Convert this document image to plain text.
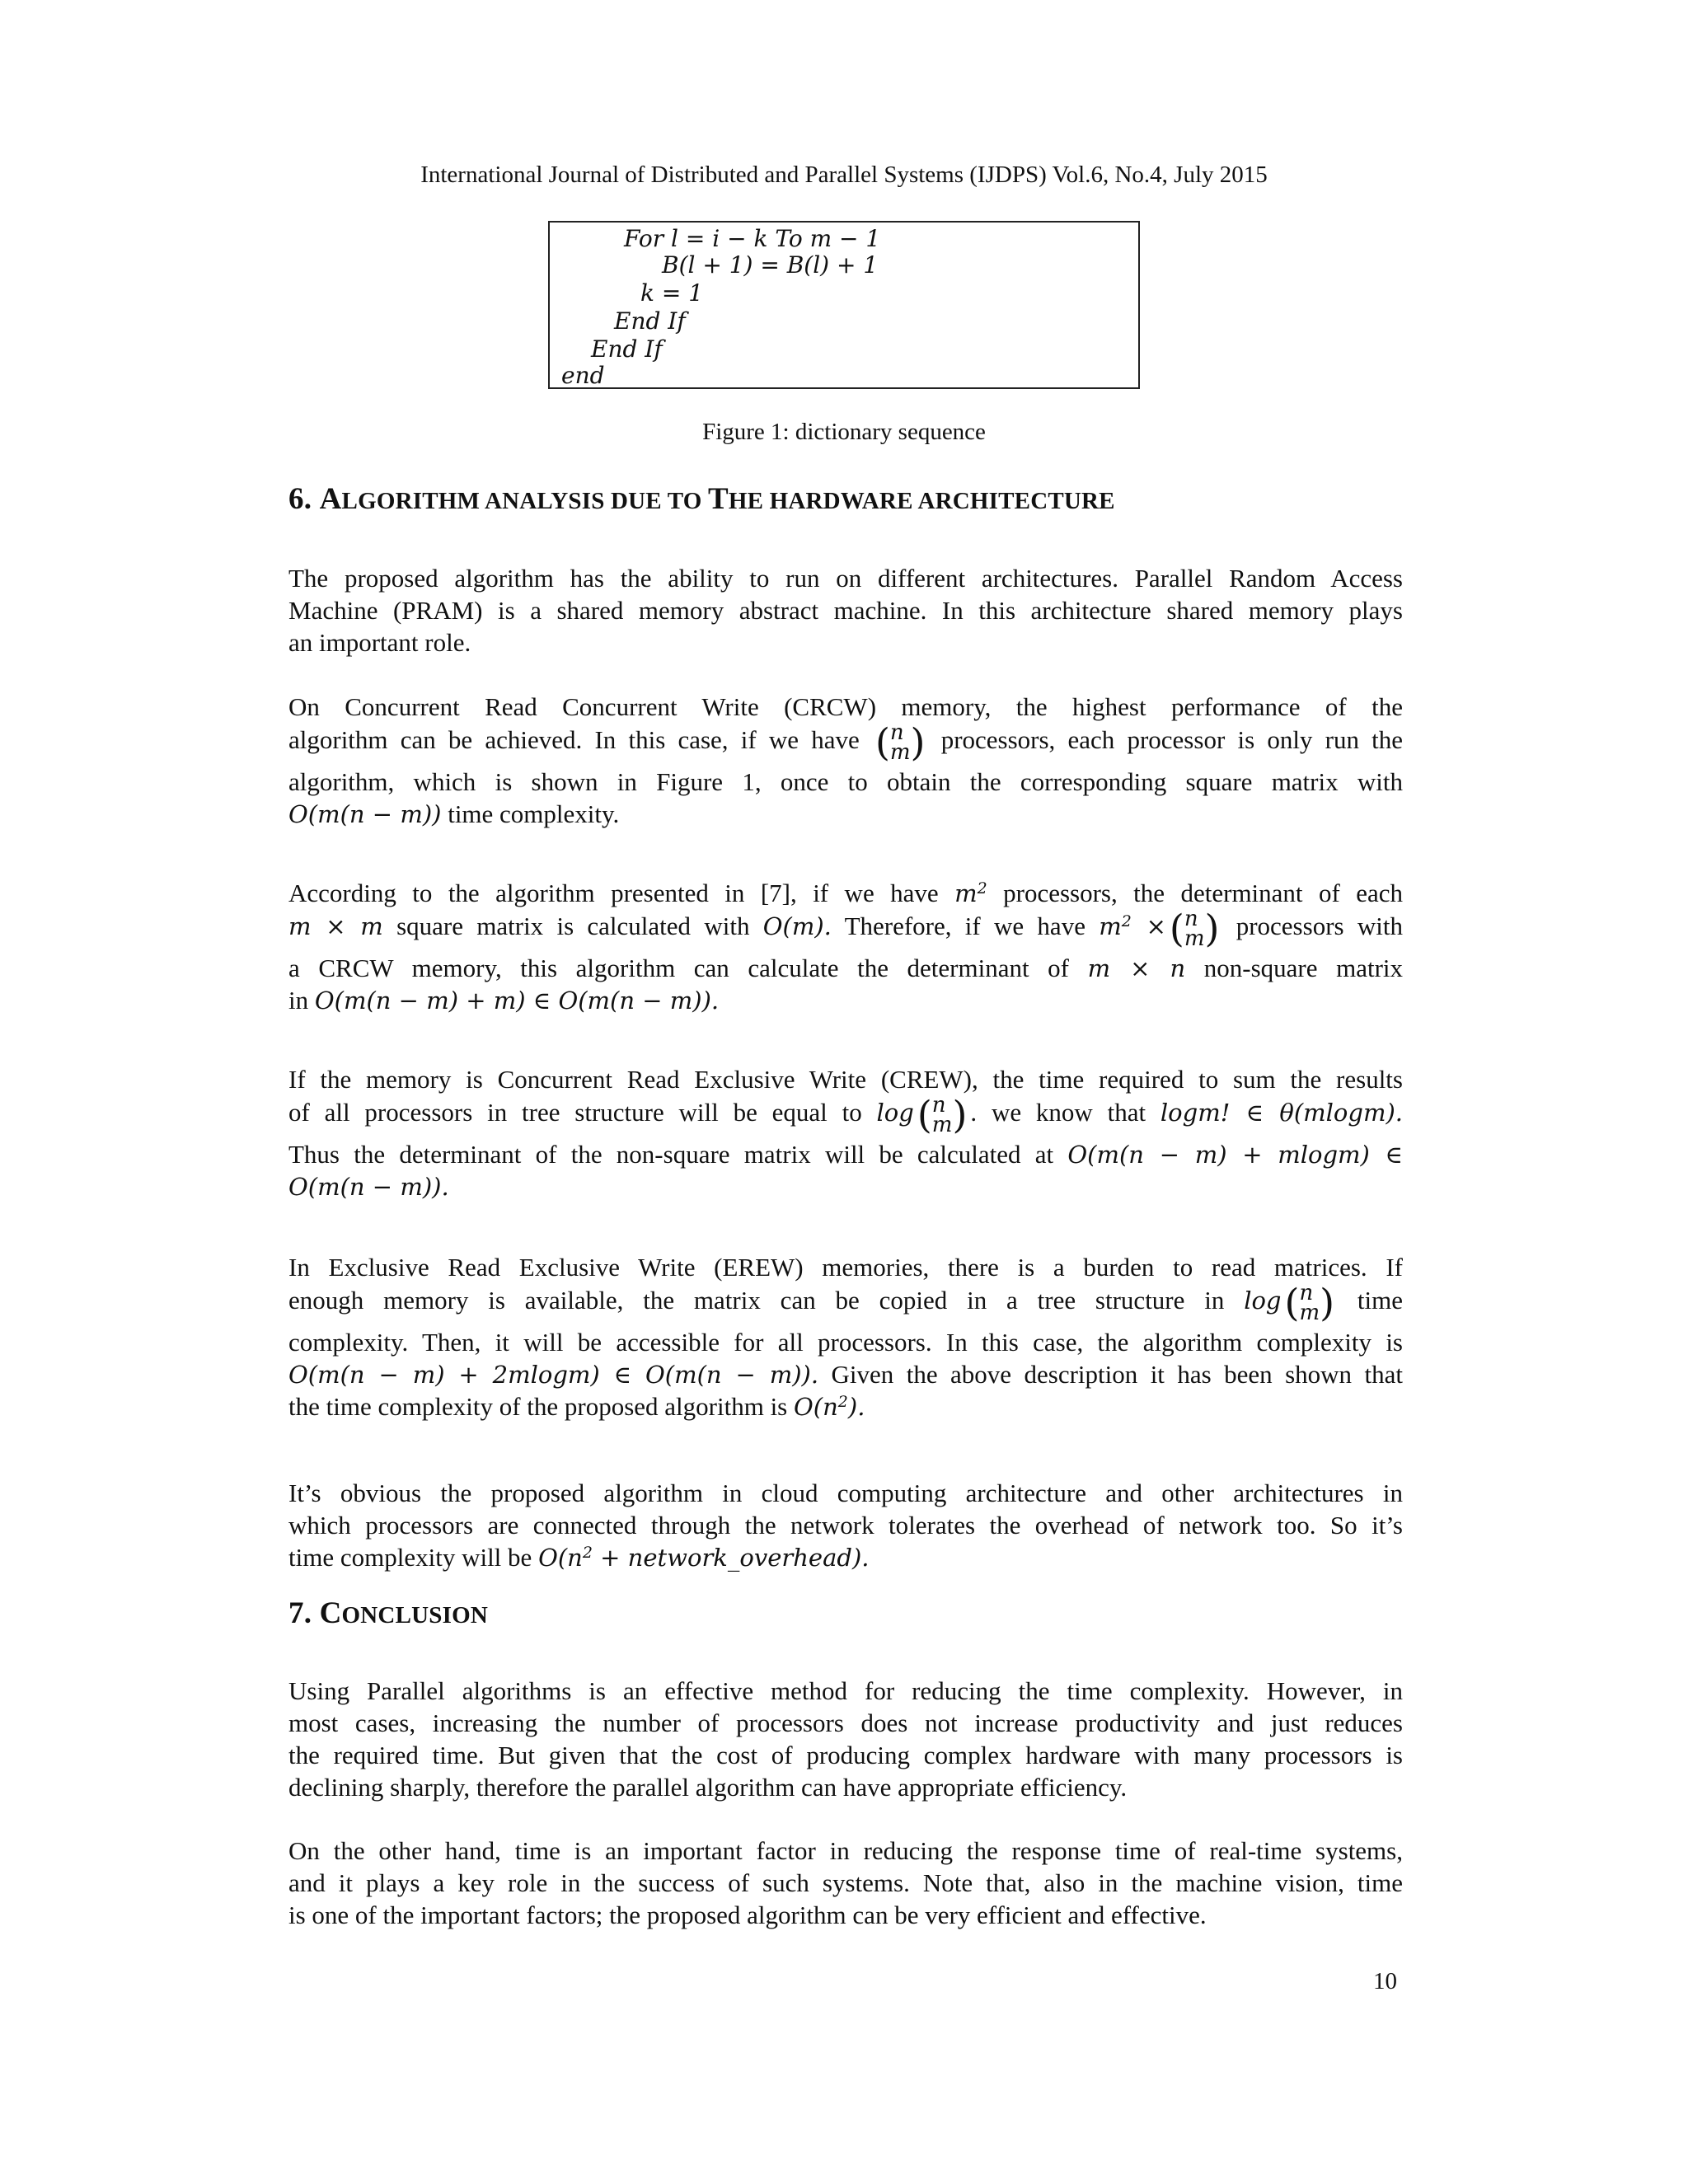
International Journal of Distributed and Parallel Systems (IJDPS) Vol.6, No.4, July 2015
For l = i − k To m − 1
B(l + 1) = B(l) + 1
k = 1
End If
End If
end
Figure 1: dictionary sequence
6. ALGORITHM ANALYSIS DUE TO THE HARDWARE ARCHITECTURE
The proposed algorithm has the ability to run on different architectures. Parallel Random Access
Machine (PRAM) is a shared memory abstract machine. In this architecture shared memory plays
an important role.
On Concurrent Read Concurrent Write (CRCW) memory, the highest performance of the
algorithm can be achieved. In this case, if we have ( n
m ) processors, each processor is only run the
algorithm, which is shown in Figure 1, once to obtain the corresponding square matrix with
O(m(n − m)) time complexity.
According to the algorithm presented in [7], if we have $m^2$ processors, the determinant of each
m × m square matrix is calculated with O(m). Therefore, if we have $m^2$ ×( n
m ) processors with
a CRCW memory, this algorithm can calculate the determinant of m × n non-square matrix
in O(m(n − m) + m) ∈ O(m(n − m)).
If the memory is Concurrent Read Exclusive Write (CREW), the time required to sum the results
of all processors in tree structure will be equal to log( n
m ) . we know that logm! ∈ θ(mlogm).
Thus the determinant of the non-square matrix will be calculated at O(m(n − m) + mlogm) ∈
O(m(n − m)).
In Exclusive Read Exclusive Write (EREW) memories, there is a burden to read matrices. If
enough memory is available, the matrix can be copied in a tree structure in log( n
m ) time
complexity. Then, it will be accessible for all processors. In this case, the algorithm complexity is
O(m(n − m) + 2mlogm) ∈ O(m(n − m)). Given the above description it has been shown that
the time complexity of the proposed algorithm is $O(n^2)$.
It’s obvious the proposed algorithm in cloud computing architecture and other architectures in
which processors are connected through the network tolerates the overhead of network too. So it’s
time complexity will be $O(n^2$ + network_overhead).
7. CONCLUSION
Using Parallel algorithms is an effective method for reducing the time complexity. However, in
most cases, increasing the number of processors does not increase productivity and just reduces
the required time. But given that the cost of producing complex hardware with many processors is
declining sharply, therefore the parallel algorithm can have appropriate efficiency.
On the other hand, time is an important factor in reducing the response time of real-time systems,
and it plays a key role in the success of such systems. Note that, also in the machine vision, time
is one of the important factors; the proposed algorithm can be very efficient and effective.
10
